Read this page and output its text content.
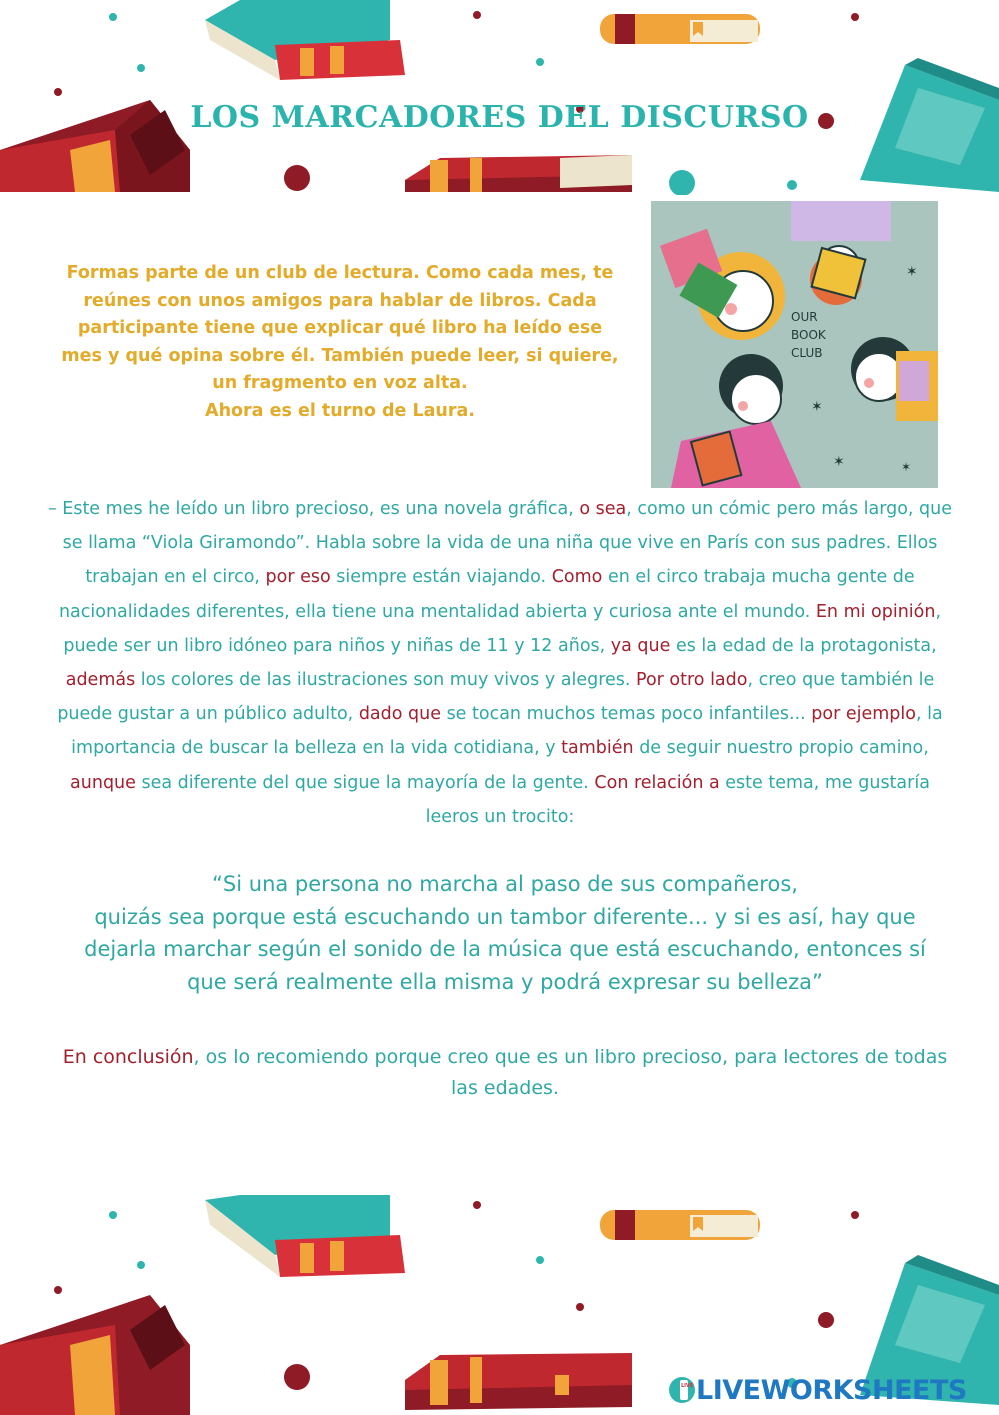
LOS MARCADORES DEL DISCURSO

Formas parte de un club de lectura. Como cada mes, te reúnes con unos amigos para hablar de libros. Cada participante tiene que explicar qué libro ha leído ese mes y qué opina sobre él. También puede leer, si quiere, un fragmento en voz alta.

Ahora es el turno de Laura.

✶
✶
✶	✶
OUR
BOOK
CLUB
– Este mes he leído un libro precioso, es una novela gráfica, o sea, como un cómic pero más largo, que se llama “Viola Giramondo”. Habla sobre la vida de una niña que vive en París con sus padres. Ellos trabajan en el circo, por eso siempre están viajando. Como en el circo trabaja mucha gente de nacionalidades diferentes, ella tiene una mentalidad abierta y curiosa ante el mundo. En mi opinión, puede ser un libro idóneo para niños y niñas de 11 y 12 años, ya que es la edad de la protagonista, además los colores de las ilustraciones son muy vivos y alegres. Por otro lado, creo que también le puede gustar a un público adulto, dado que se tocan muchos temas poco infantiles... por ejemplo, la importancia de buscar la belleza en la vida cotidiana, y también de seguir nuestro propio camino, aunque sea diferente del que sigue la mayoría de la gente. Con relación a este tema, me gustaría leeros un trocito:

“Si una persona no marcha al paso de sus compañeros,

quizás sea porque está escuchando un tambor diferente... y si es así, hay que

dejarla marchar según el sonido de la música que está escuchando, entonces sí

que será realmente ella misma y podrá expresar su belleza”

En conclusión, os lo recomiendo porque creo que es un libro precioso, para lectores de todas las edades.
LIVE LIVEWORKSHEETS
